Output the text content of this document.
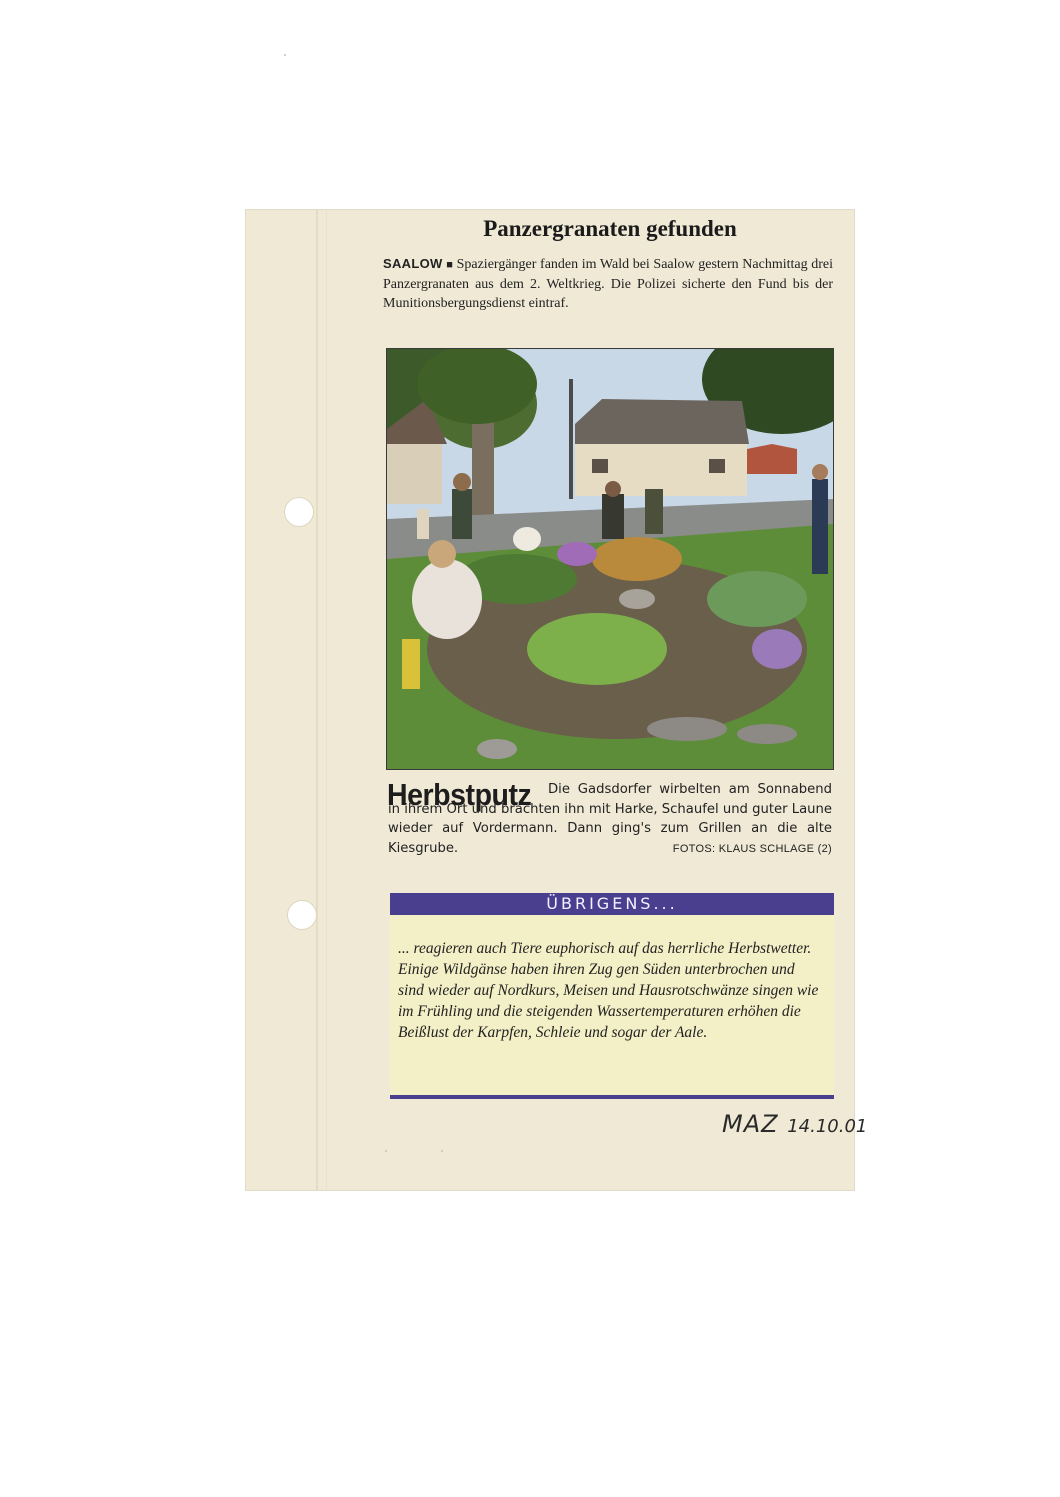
Panzergranaten gefunden
SAALOW ■ Spaziergänger fanden im Wald bei Saalow gestern Nachmittag drei Panzergranaten aus dem 2. Weltkrieg. Die Polizei sicherte den Fund bis der Munitionsbergungsdienst eintraf.
Herbstputz	Die Gadsdorfer wirbelten am Sonnabend in ihrem Ort und brachten ihn mit Harke, Schaufel und guter Laune wieder auf Vordermann. Dann ging's zum Grillen an die alte Kiesgrube.	FOTOS: KLAUS SCHLAGE (2)
ÜBRIGENS...
... reagieren auch Tiere euphorisch auf das herrliche Herbstwetter. Einige Wildgänse haben ihren Zug gen Süden unterbrochen und sind wieder auf Nordkurs, Meisen und Hausrotschwänze singen wie im Frühling und die steigenden Wassertemperaturen erhöhen die Beißlust der Karpfen, Schleie und sogar der Aale.
MAZ 14.10.01
